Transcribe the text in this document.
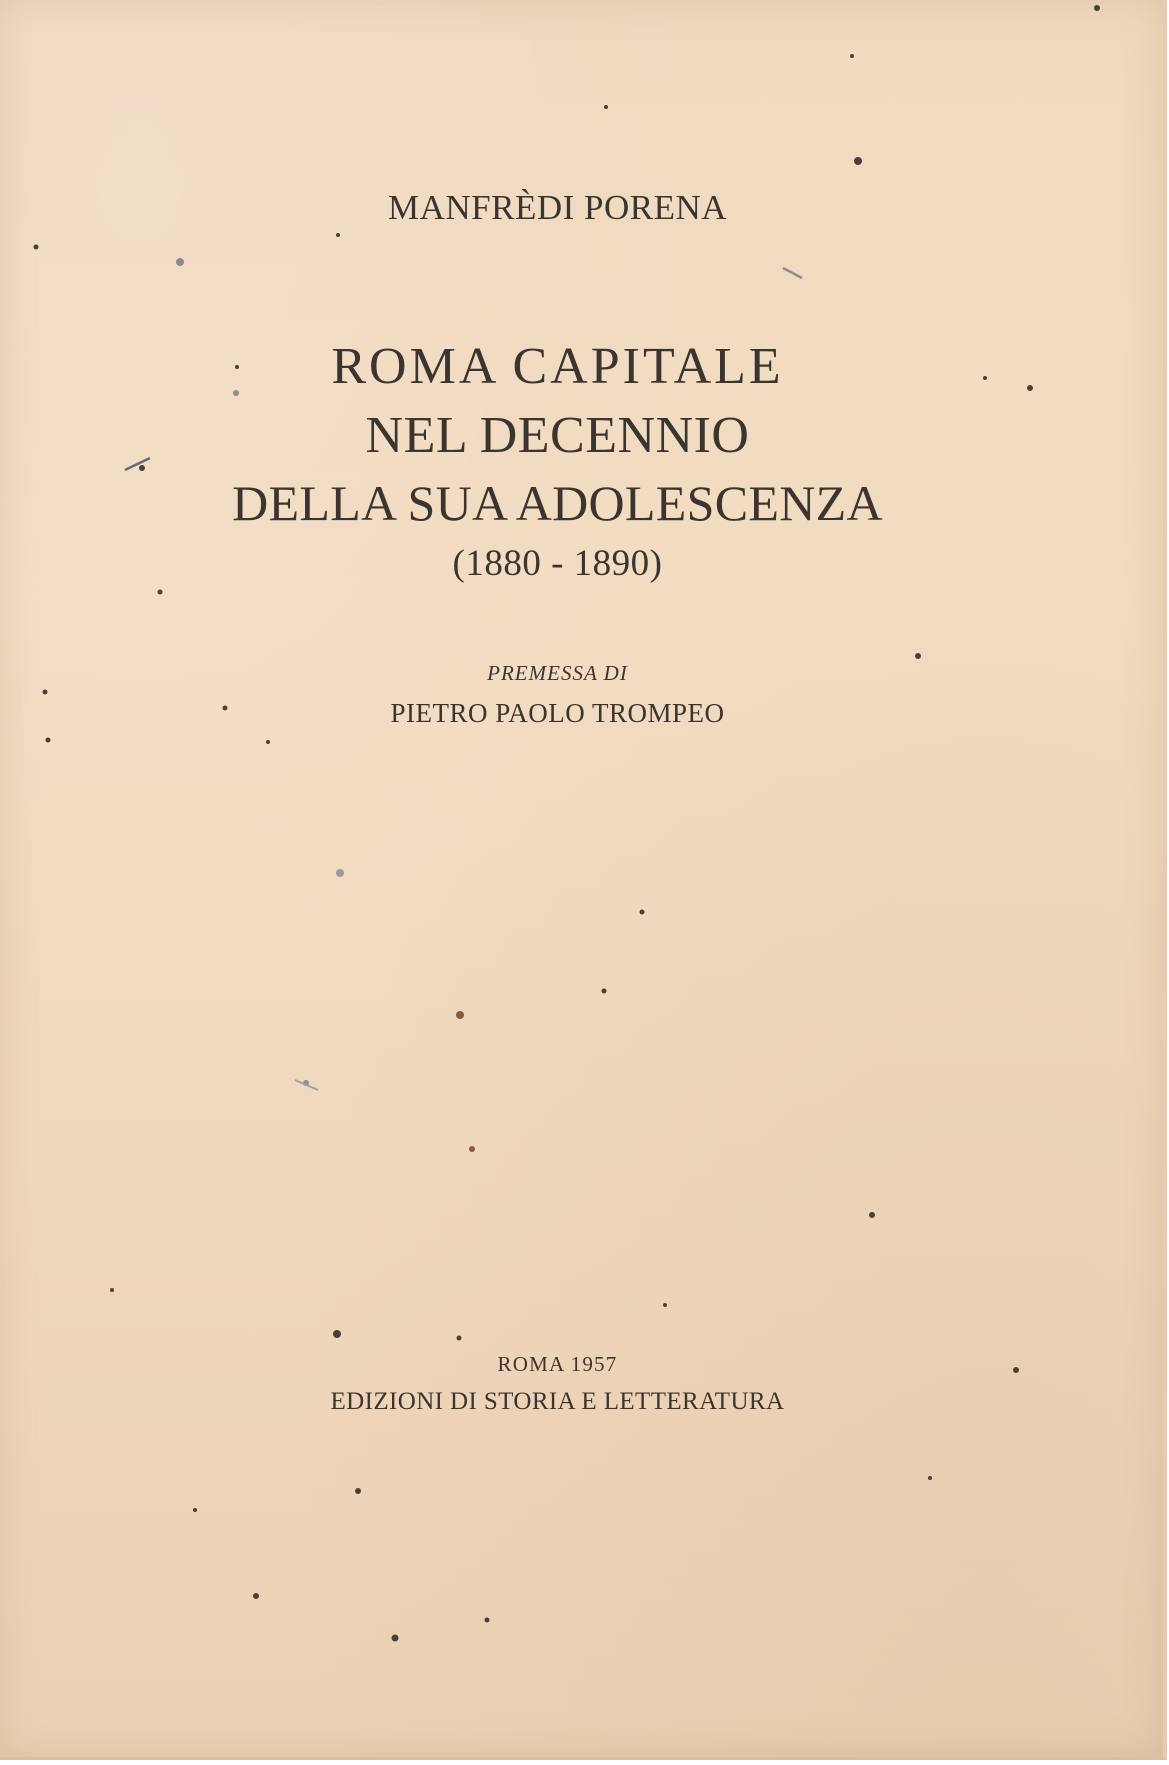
MANFRÈDI PORENA
ROMA CAPITALE
NEL DECENNIO
DELLA SUA ADOLESCENZA
(1880 - 1890)
PREMESSA DI
PIETRO PAOLO TROMPEO
ROMA 1957
EDIZIONI DI STORIA E LETTERATURA
